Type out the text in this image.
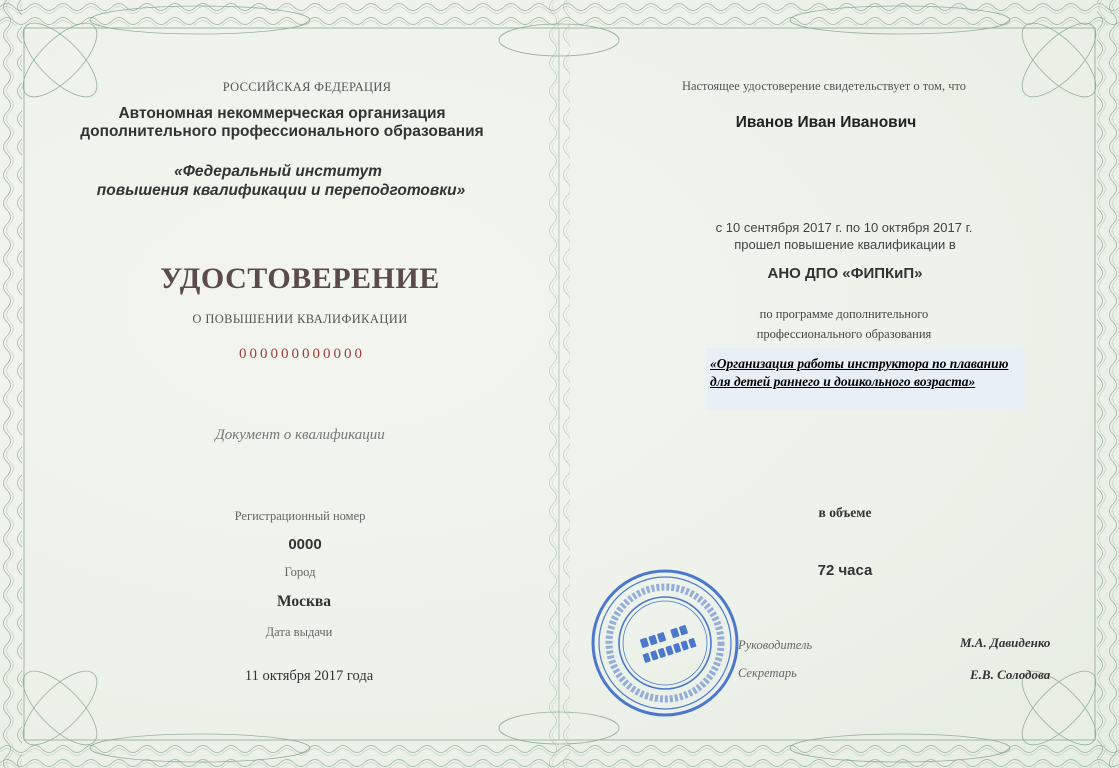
РОССИЙСКАЯ ФЕДЕРАЦИЯ
Автономная некоммерческая организация
дополнительного профессионального образования
«Федеральный институт
повышения квалификации и переподготовки»
УДОСТОВЕРЕНИЕ
О ПОВЫШЕНИИ КВАЛИФИКАЦИИ
000000000000
Документ о квалификации
Регистрационный номер
0000
Город
Москва
Дата выдачи
11 октября 2017 года
Настоящее удостоверение свидетельствует о том, что
Иванов Иван Иванович
с 10 сентября 2017 г. по 10 октября 2017 г.
прошел повышение квалификации в
АНО ДПО «ФИПКиП»
по программе дополнительного
профессионального образования
«Организация работы инструктора по плаванию для детей раннего и дошкольного возраста»
в объеме
72 часа
Руководитель	М.А. Давиденко
Секретарь	Е.В. Солодова
